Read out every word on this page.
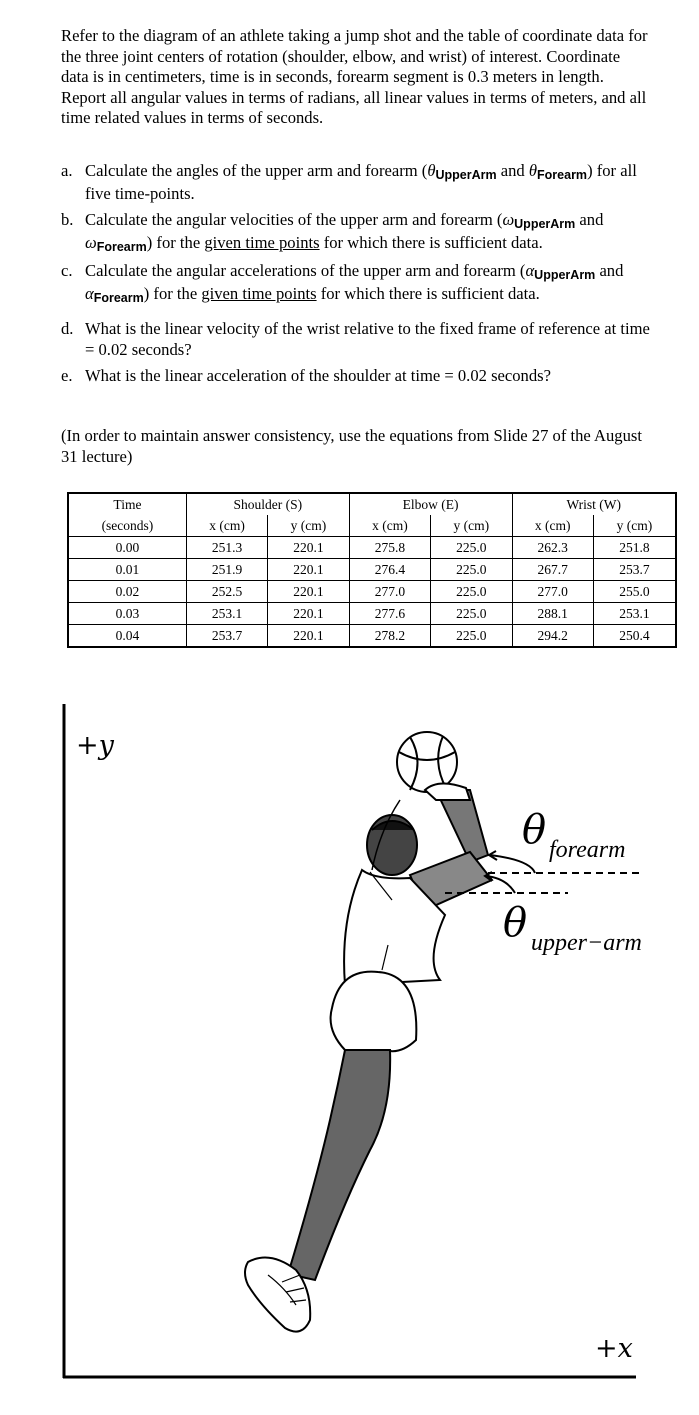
Refer to the diagram of an athlete taking a jump shot and the table of coordinate data for the three joint centers of rotation (shoulder, elbow, and wrist) of interest. Coordinate data is in centimeters, time is in seconds, forearm segment is 0.3 meters in length. Report all angular values in terms of radians, all linear values in terms of meters, and all time related values in terms of seconds.

a. Calculate the angles of the upper arm and forearm (θUpperArm and θForearm) for all five time-points.
b. Calculate the angular velocities of the upper arm and forearm (ωUpperArm and ωForearm) for the given time points for which there is sufficient data.
c. Calculate the angular accelerations of the upper arm and forearm (αUpperArm and αForearm) for the given time points for which there is sufficient data.
d. What is the linear velocity of the wrist relative to the fixed frame of reference at time = 0.02 seconds?
e. What is the linear acceleration of the shoulder at time = 0.02 seconds?

(In order to maintain answer consistency, use the equations from Slide 27 of the August 31 lecture)

Time	Shoulder (S)		Elbow (E)		Wrist (W)	
(seconds)	x (cm)	y (cm)	x (cm)	y (cm)	x (cm)	y (cm)
0.00	251.3	220.1	275.8	225.0	262.3	251.8
0.01	251.9	220.1	276.4	225.0	267.7	253.7
0.02	252.5	220.1	277.0	225.0	277.0	255.0
0.03	253.1	220.1	277.6	225.0	288.1	253.1
0.04	253.7	220.1	278.2	225.0	294.2	250.4
+y
+x
θ forearm
θ upper−arm
